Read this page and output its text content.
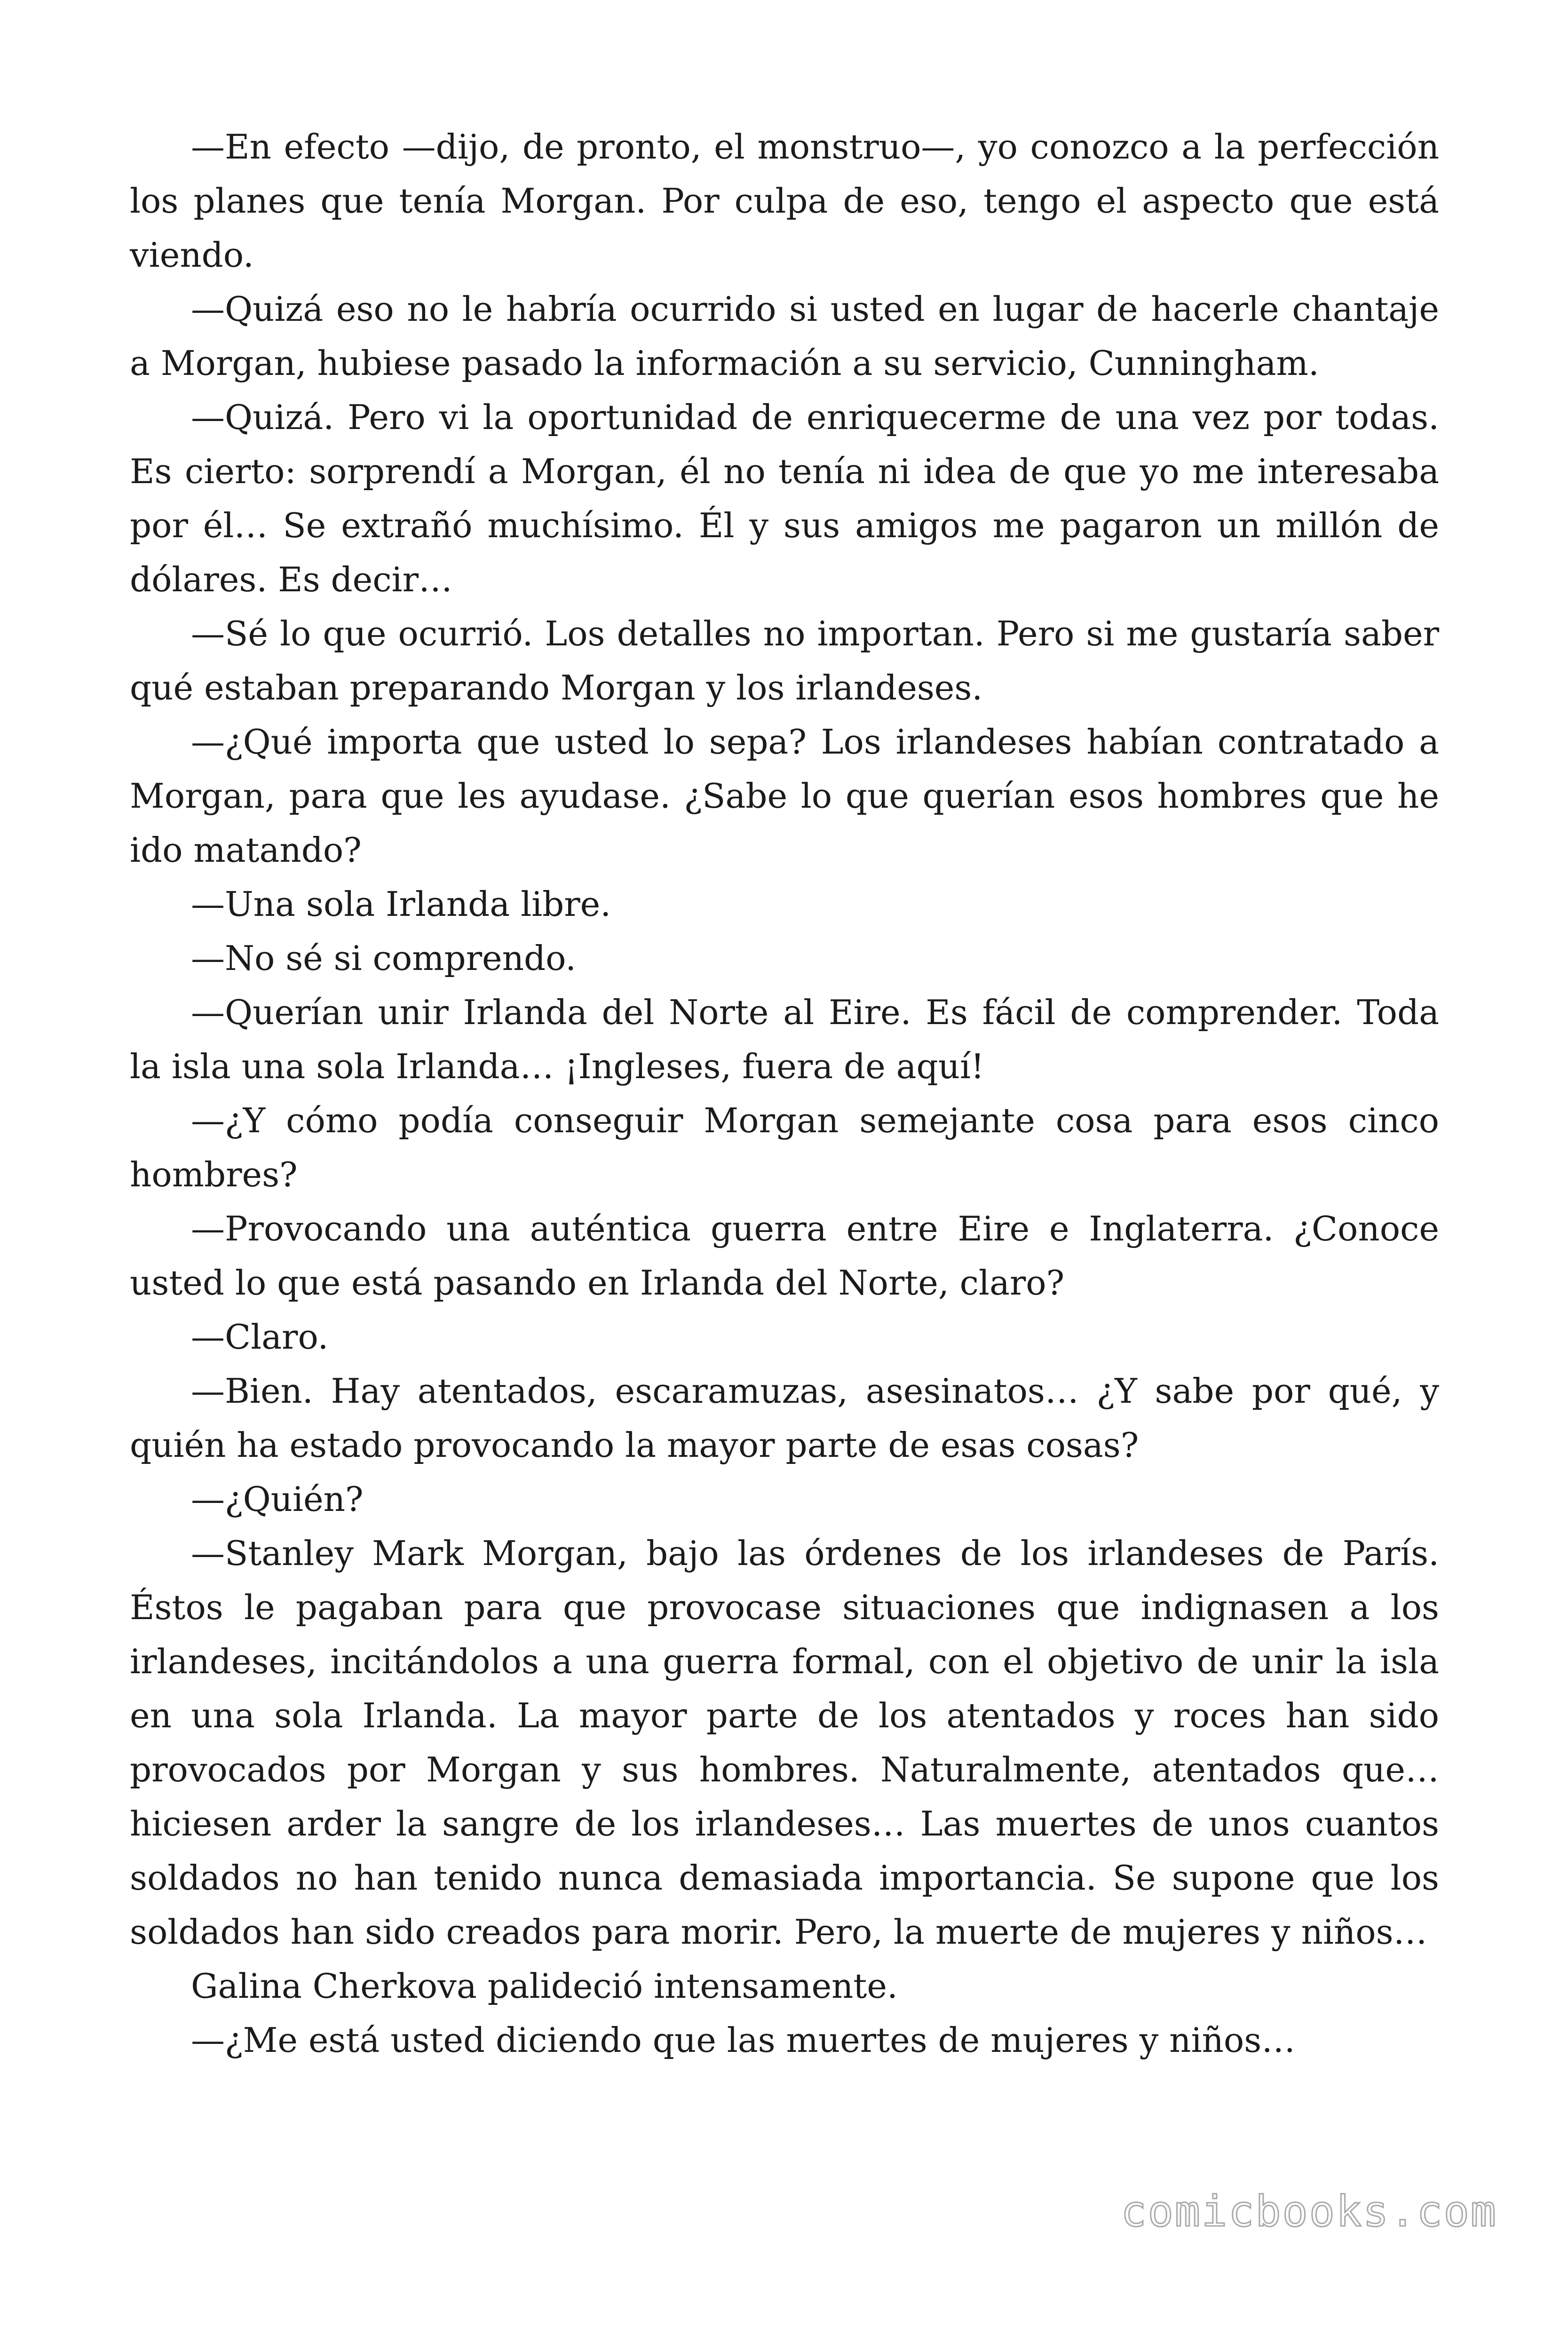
—En efecto —dijo, de pronto, el monstruo—, yo conozco a la perfección los planes que tenía Morgan. Por culpa de eso, tengo el aspecto que está viendo.

—Quizá eso no le habría ocurrido si usted en lugar de hacerle chantaje a Morgan, hubiese pasado la información a su servicio, Cunningham.

—Quizá. Pero vi la oportunidad de enriquecerme de una vez por todas. Es cierto: sorprendí a Morgan, él no tenía ni idea de que yo me interesaba por él… Se extrañó muchísimo. Él y sus amigos me pagaron un millón de dólares. Es decir…

—Sé lo que ocurrió. Los detalles no importan. Pero si me gustaría saber qué estaban preparando Morgan y los irlandeses.

—¿Qué importa que usted lo sepa? Los irlandeses habían contratado a Morgan, para que les ayudase. ¿Sabe lo que querían esos hombres que he ido matando?

—Una sola Irlanda libre.

—No sé si comprendo.

—Querían unir Irlanda del Norte al Eire. Es fácil de comprender. Toda la isla una sola Irlanda… ¡Ingleses, fuera de aquí!

—¿Y cómo podía conseguir Morgan semejante cosa para esos cinco hombres?

—Provocando una auténtica guerra entre Eire e Inglaterra. ¿Conoce usted lo que está pasando en Irlanda del Norte, claro?

—Claro.

—Bien. Hay atentados, escaramuzas, asesinatos… ¿Y sabe por qué, y quién ha estado provocando la mayor parte de esas cosas?

—¿Quién?

—Stanley Mark Morgan, bajo las órdenes de los irlandeses de París. Éstos le pagaban para que provocase situaciones que indignasen a los irlandeses, incitándolos a una guerra formal, con el objetivo de unir la isla en una sola Irlanda. La mayor parte de los atentados y roces han sido provocados por Morgan y sus hombres. Naturalmente, atentados que… hiciesen arder la sangre de los irlandeses… Las muertes de unos cuantos soldados no han tenido nunca demasiada importancia. Se supone que los soldados han sido creados para morir. Pero, la muerte de mujeres y niños…

Galina Cherkova palideció intensamente.

—¿Me está usted diciendo que las muertes de mujeres y niños…

comicbooks.com
